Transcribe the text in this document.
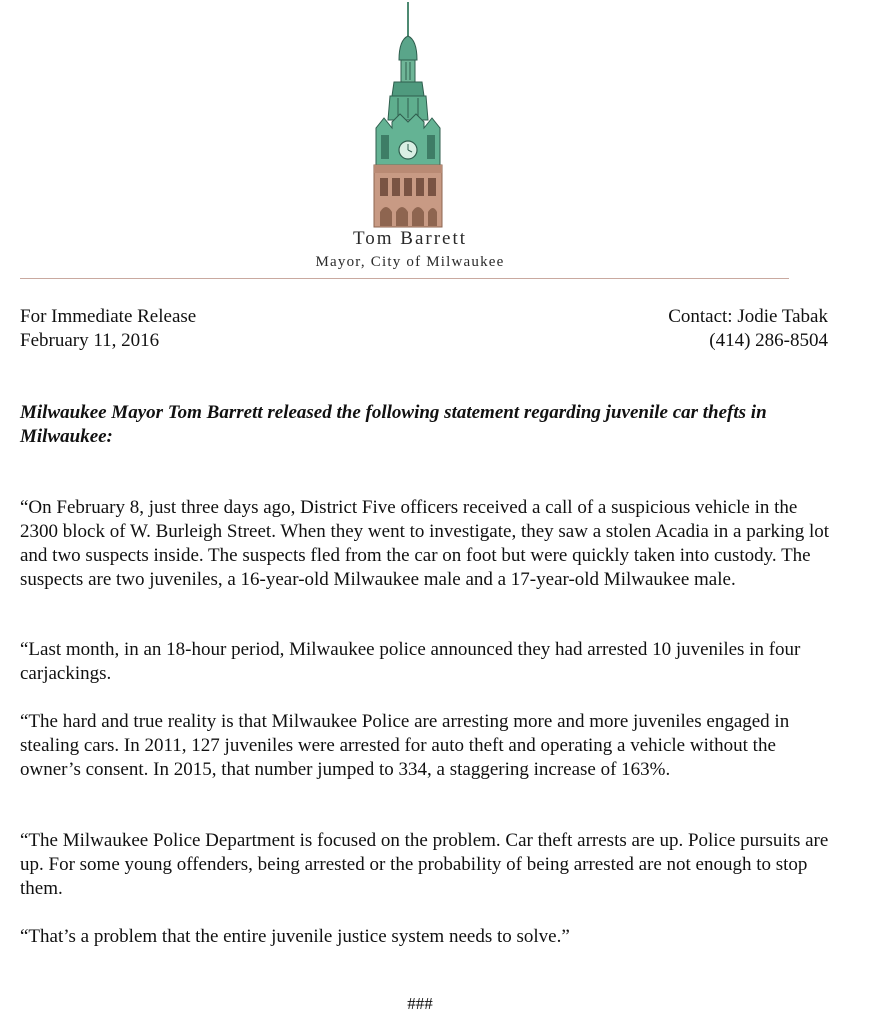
Tom Barrett
Mayor, City of Milwaukee
For Immediate Release
February 11, 2016
Contact: Jodie Tabak
(414) 286-8504
Milwaukee Mayor Tom Barrett released the following statement regarding juvenile car thefts in Milwaukee:

“On February 8, just three days ago, District Five officers received a call of a suspicious vehicle in the 2300 block of W. Burleigh Street. When they went to investigate, they saw a stolen Acadia in a parking lot and two suspects inside. The suspects fled from the car on foot but were quickly taken into custody. The suspects are two juveniles, a 16-year-old Milwaukee male and a 17-year-old Milwaukee male.

“Last month, in an 18-hour period, Milwaukee police announced they had arrested 10 juveniles in four carjackings.

“The hard and true reality is that Milwaukee Police are arresting more and more juveniles engaged in stealing cars. In 2011, 127 juveniles were arrested for auto theft and operating a vehicle without the owner’s consent. In 2015, that number jumped to 334, a staggering increase of 163%.

“The Milwaukee Police Department is focused on the problem. Car theft arrests are up. Police pursuits are up. For some young offenders, being arrested or the probability of being arrested are not enough to stop them.

“That’s a problem that the entire juvenile justice system needs to solve.”

###
